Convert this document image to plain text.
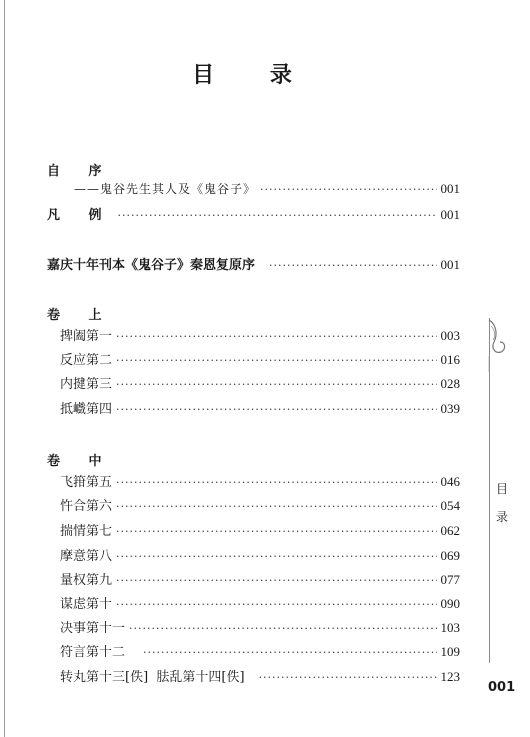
目 录
自 序
——鬼谷先生其人及《鬼谷子》 ·····	001
凡 例 ·····	001
嘉庆十年刊本《鬼谷子》秦恩复原序 ·····	001
卷 上
捭阖第一 ·····	003
反应第二 ·····	016
内揵第三 ·····	028
抵巇第四 ·····	039
卷 中
飞箝第五 ·····	046
忤合第六 ·····	054
揣情第七 ·····	062
摩意第八 ·····	069
量权第九 ·····	077
谋虑第十 ·····	090
决事第十一 ·····	103
符言第十二 ·····	109
转丸第十三[佚]  胠乱第十四[佚] ·····	123
目
录
001
